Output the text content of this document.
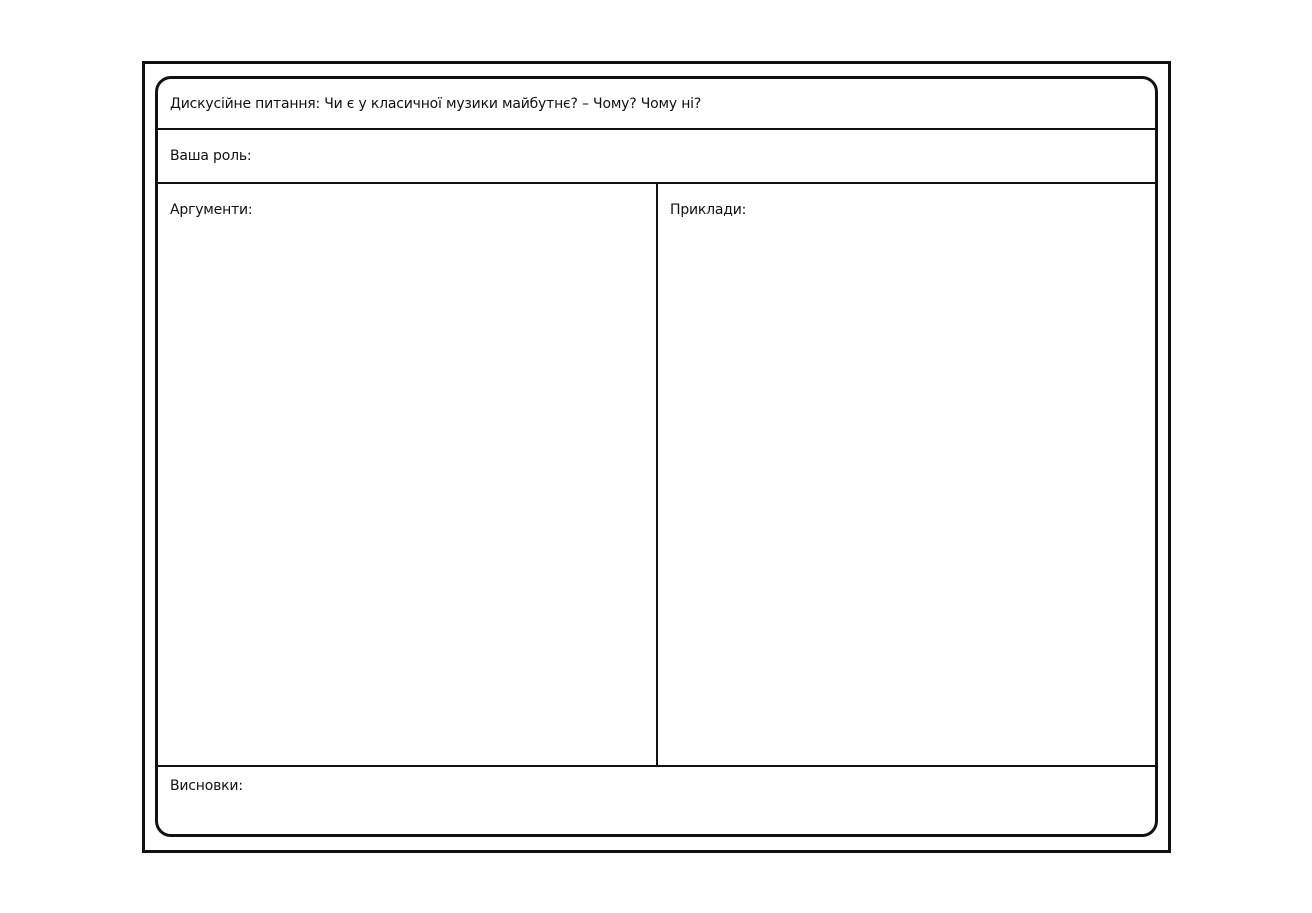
Дискусійне питання: Чи є у класичної музики майбутнє? – Чому? Чому ні?
Ваша роль:
Аргументи:	Приклади:
Висновки:
